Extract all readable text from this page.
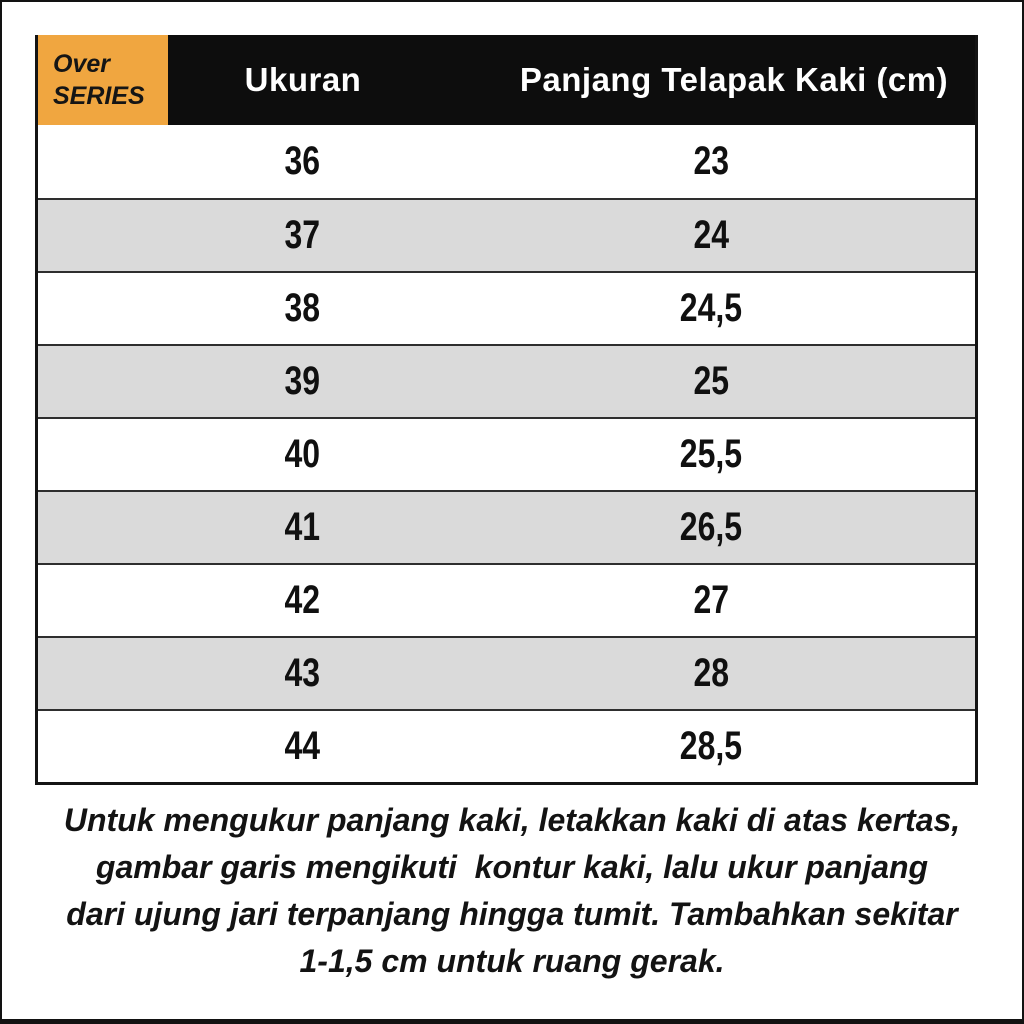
Over
SERIES	Ukuran	Panjang Telapak Kaki (cm)
36	23
37	24
38	24,5
39	25
40	25,5
41	26,5
42	27
43	28
44	28,5
Untuk mengukur panjang kaki, letakkan kaki di atas kertas,
gambar garis mengikuti  kontur kaki, lalu ukur panjang
dari ujung jari terpanjang hingga tumit. Tambahkan sekitar
1-1,5 cm untuk ruang gerak.
